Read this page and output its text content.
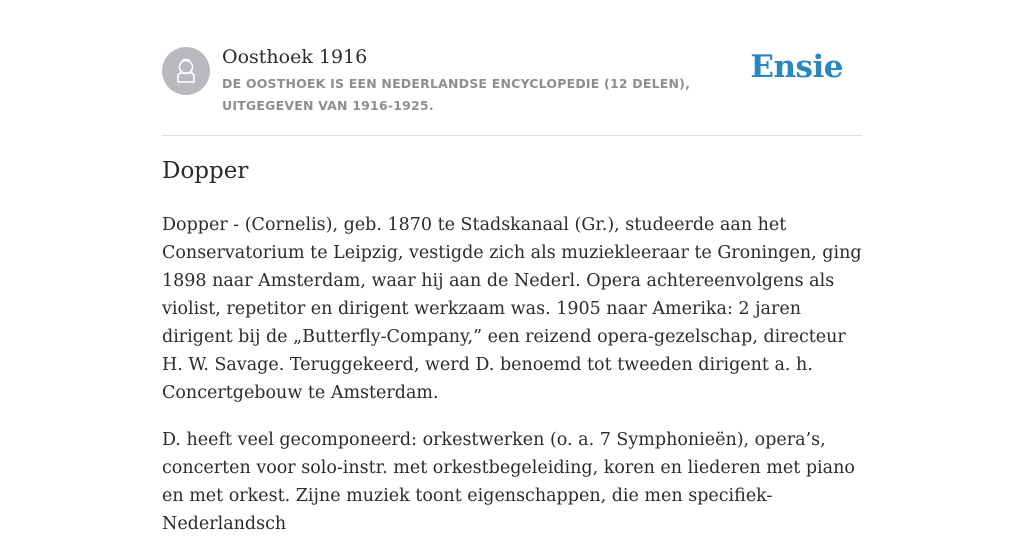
Oosthoek 1916
DE OOSTHOEK IS EEN NEDERLANDSE ENCYCLOPEDIE (12 DELEN), UITGEGEVEN VAN 1916-1925.
Ensie
Dopper

Dopper - (Cornelis), geb. 1870 te Stadskanaal (Gr.), studeerde aan het Conservatorium te Leipzig, vestigde zich als muziekleeraar te Groningen, ging 1898 naar Amsterdam, waar hij aan de Nederl. Opera achtereenvolgens als violist, repetitor en dirigent werkzaam was. 1905 naar Amerika: 2 jaren dirigent bij de „Butterfly-Company,” een reizend opera-gezelschap, directeur H. W. Savage. Teruggekeerd, werd D. benoemd tot tweeden dirigent a. h. Concertgebouw te Amsterdam.

D. heeft veel gecomponeerd: orkestwerken (o. a. 7 Symphonieën), opera’s, concerten voor solo-instr. met orkestbegeleiding, koren en liederen met piano en met orkest. Zijne muziek toont eigenschappen, die men specifiek-Nederlandsch
